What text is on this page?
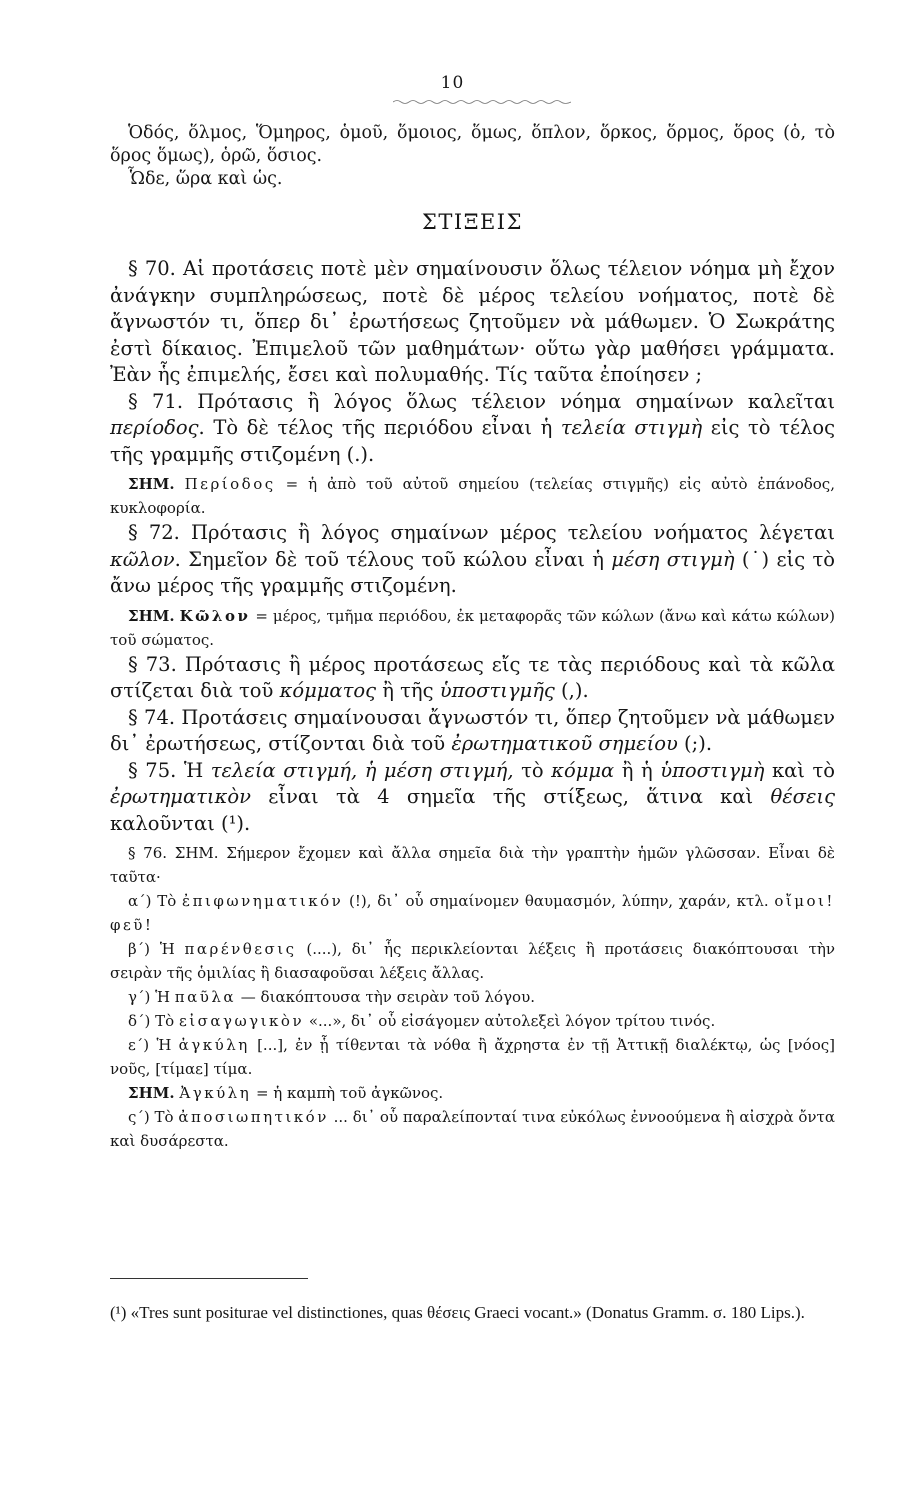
10

Ὁδός, ὅλμος, Ὅμηρος, ὁμοῦ, ὅμοιος, ὅμως, ὅπλον, ὅρκος, ὅρμος, ὅρος (ὁ, τὸ ὅρος ὅμως), ὁρῶ, ὅσιος.

Ὧδε, ὥρα καὶ ὡς.

ΣΤΙΞΕΙΣ

§ 70. Αἱ προτάσεις ποτὲ μὲν σημαίνουσιν ὅλως τέλειον νόημα μὴ ἔχον ἀνάγκην συμπληρώσεως, ποτὲ δὲ μέρος τελείου νοήματος, ποτὲ δὲ ἄγνωστόν τι, ὅπερ δι᾽ ἐρωτήσεως ζητοῦμεν νὰ μάθωμεν. Ὁ Σωκράτης ἐστὶ δίκαιος. Ἐπιμελοῦ τῶν μαθημάτων· οὕτω γὰρ μαθήσει γράμματα. Ἐὰν ἧς ἐπιμελής, ἔσει καὶ πολυμαθής. Τίς ταῦτα ἐποίησεν ;

§ 71. Πρότασις ἢ λόγος ὅλως τέλειον νόημα σημαίνων καλεῖται περίοδος. Τὸ δὲ τέλος τῆς περιόδου εἶναι ἡ τελεία στιγμὴ εἰς τὸ τέλος τῆς γραμμῆς στιζομένη (.).

ΣΗΜ. Περίοδος = ἡ ἀπὸ τοῦ αὐτοῦ σημείου (τελείας στιγμῆς) εἰς αὐτὸ ἐπάνοδος, κυκλοφορία.

§ 72. Πρότασις ἢ λόγος σημαίνων μέρος τελείου νοήματος λέγεται κῶλον. Σημεῖον δὲ τοῦ τέλους τοῦ κώλου εἶναι ἡ μέση στιγμὴ (˙) εἰς τὸ ἄνω μέρος τῆς γραμμῆς στιζομένη.

ΣΗΜ. Κῶλον = μέρος, τμῆμα περιόδου, ἐκ μεταφορᾶς τῶν κώλων (ἄνω καὶ κάτω κώλων) τοῦ σώματος.

§ 73. Πρότασις ἢ μέρος προτάσεως εἴς τε τὰς περιόδους καὶ τὰ κῶλα στίζεται διὰ τοῦ κόμματος ἢ τῆς ὑποστιγμῆς (,).

§ 74. Προτάσεις σημαίνουσαι ἄγνωστόν τι, ὅπερ ζητοῦμεν νὰ μάθωμεν δι᾽ ἐρωτήσεως, στίζονται διὰ τοῦ ἐρωτηματικοῦ σημείου (;).

§ 75. Ἡ τελεία στιγμή, ἡ μέση στιγμή, τὸ κόμμα ἢ ἡ ὑποστιγμὴ καὶ τὸ ἐρωτηματικὸν εἶναι τὰ 4 σημεῖα τῆς στίξεως, ἅτινα καὶ θέσεις καλοῦνται (¹).

§ 76. ΣΗΜ. Σήμερον ἔχομεν καὶ ἄλλα σημεῖα διὰ τὴν γραπτὴν ἡμῶν γλῶσσαν. Εἶναι δὲ ταῦτα·

α΄) Τὸ ἐπιφωνηματικόν (!), δι᾽ οὗ σημαίνομεν θαυμασμόν, λύπην, χαράν, κτλ. οἴμοι! φεῦ!

β΄) Ἡ παρένθεσις (....), δι᾽ ἧς περικλείονται λέξεις ἢ προτάσεις διακόπτουσαι τὴν σειρὰν τῆς ὁμιλίας ἢ διασαφοῦσαι λέξεις ἄλλας.

γ΄) Ἡ παῦλα — διακόπτουσα τὴν σειρὰν τοῦ λόγου.

δ΄) Τὸ εἰσαγωγικὸν «...», δι᾽ οὗ εἰσάγομεν αὐτολεξεὶ λόγον τρίτου τινός.

ε΄) Ἡ ἀγκύλη [...], ἐν ᾗ τίθενται τὰ νόθα ἢ ἄχρηστα ἐν τῇ Ἀττικῇ διαλέκτῳ, ὡς [νόος] νοῦς, [τίμαε] τίμα.

ΣΗΜ. Ἀγκύλη = ἡ καμπὴ τοῦ ἀγκῶνος.

ς΄) Τὸ ἀποσιωπητικόν ... δι᾽ οὗ παραλείπονταί τινα εὐκόλως ἐννοούμενα ἢ αἰσχρὰ ὄντα καὶ δυσάρεστα.

(¹) «Tres sunt positurae vel distinctiones, quas θέσεις Graeci vocant.» (Donatus Gramm. σ. 180 Lips.).
